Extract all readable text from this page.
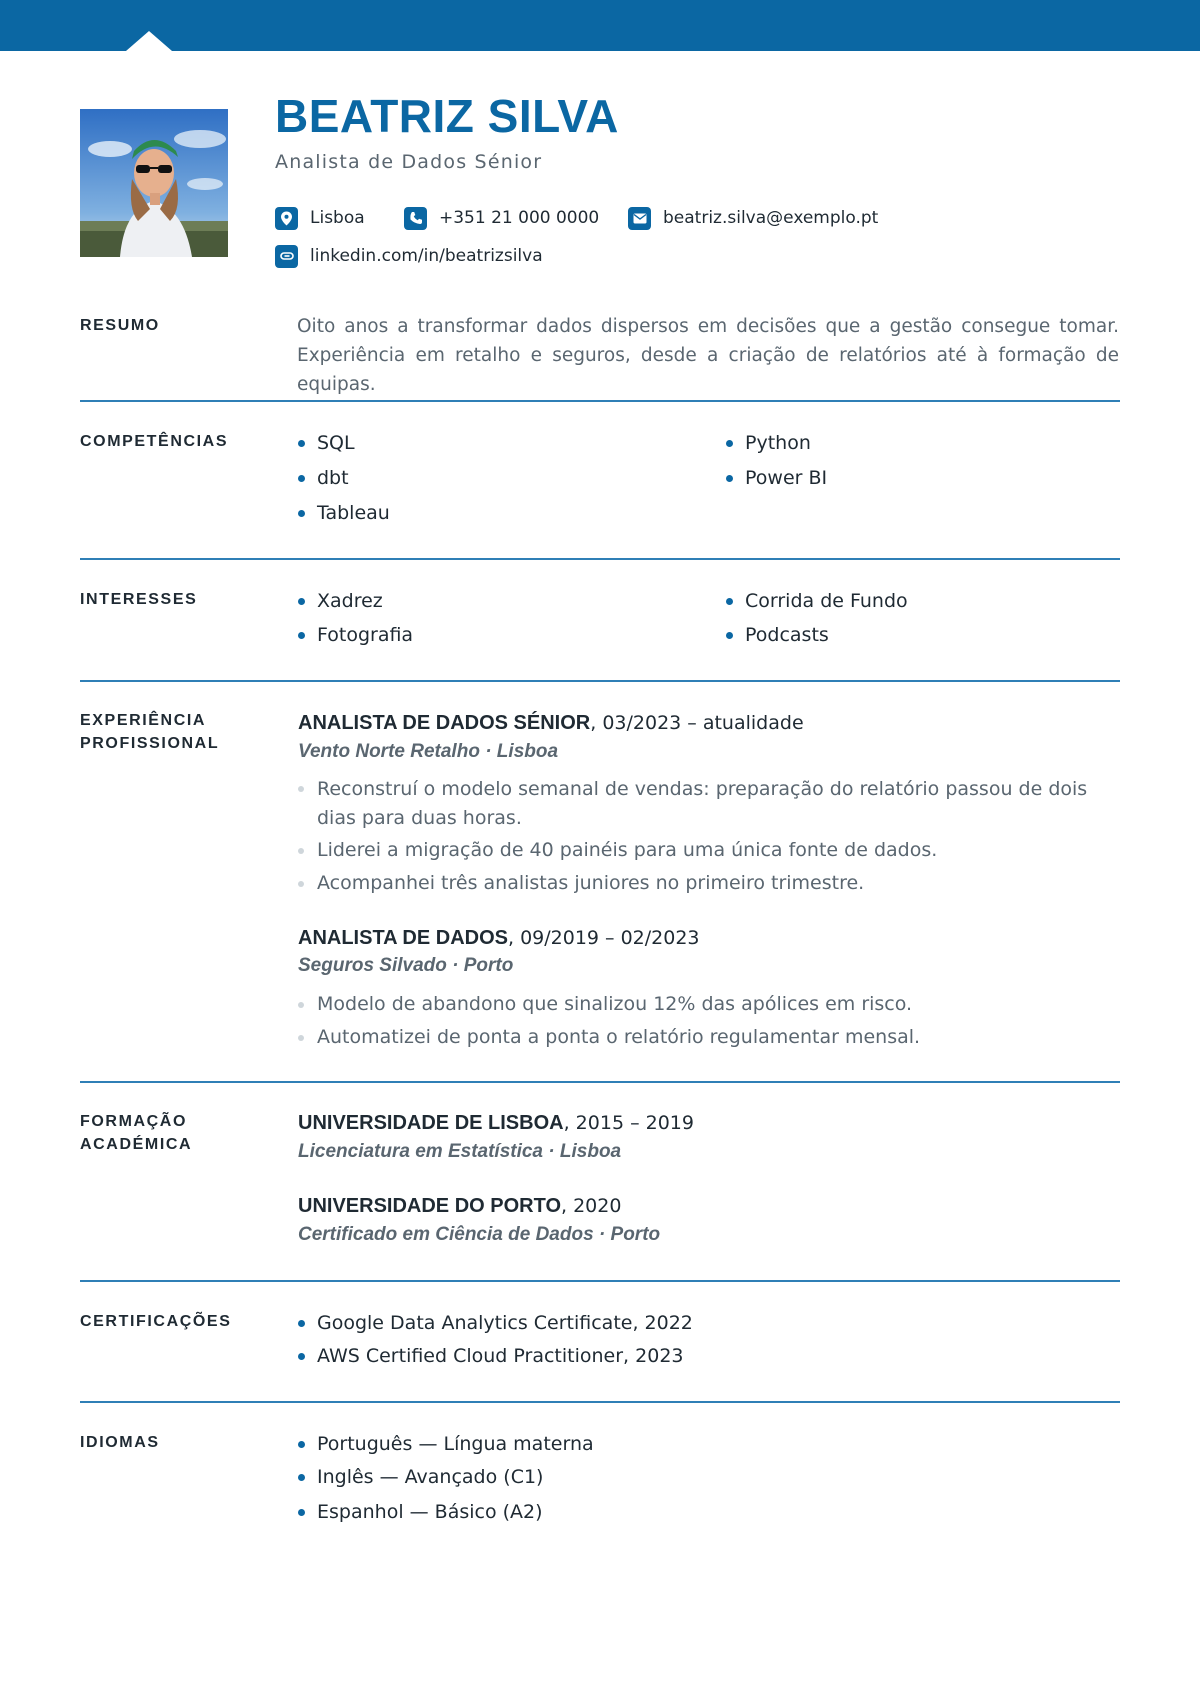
BEATRIZ SILVA
Analista de Dados Sénior
Lisboa	+351 21 000 0000	beatriz.silva@exemplo.pt
linkedin.com/in/beatrizsilva
RESUMO	Oito anos a transformar dados dispersos em decisões que a gestão consegue tomar. Experiência em retalho e seguros, desde a criação de relatórios até à formação de equipas.
COMPETÊNCIAS	SQL	Python
dbt	Power BI
Tableau
INTERESSES	Xadrez	Corrida de Fundo
Fotografia	Podcasts
EXPERIÊNCIA
PROFISSIONAL
ANALISTA DE DADOS SÉNIOR, 03/2023 – atualidade
Vento Norte Retalho · Lisboa
Reconstruí o modelo semanal de vendas: preparação do relatório passou de dois dias para duas horas.
Liderei a migração de 40 painéis para uma única fonte de dados.
Acompanhei três analistas juniores no primeiro trimestre.
ANALISTA DE DADOS, 09/2019 – 02/2023
Seguros Silvado · Porto
Modelo de abandono que sinalizou 12% das apólices em risco.
Automatizei de ponta a ponta o relatório regulamentar mensal.
FORMAÇÃO
ACADÉMICA
UNIVERSIDADE DE LISBOA, 2015 – 2019
Licenciatura em Estatística · Lisboa
UNIVERSIDADE DO PORTO, 2020
Certificado em Ciência de Dados · Porto
CERTIFICAÇÕES	Google Data Analytics Certificate, 2022
AWS Certified Cloud Practitioner, 2023
IDIOMAS	Português — Língua materna
Inglês — Avançado (C1)
Espanhol — Básico (A2)
